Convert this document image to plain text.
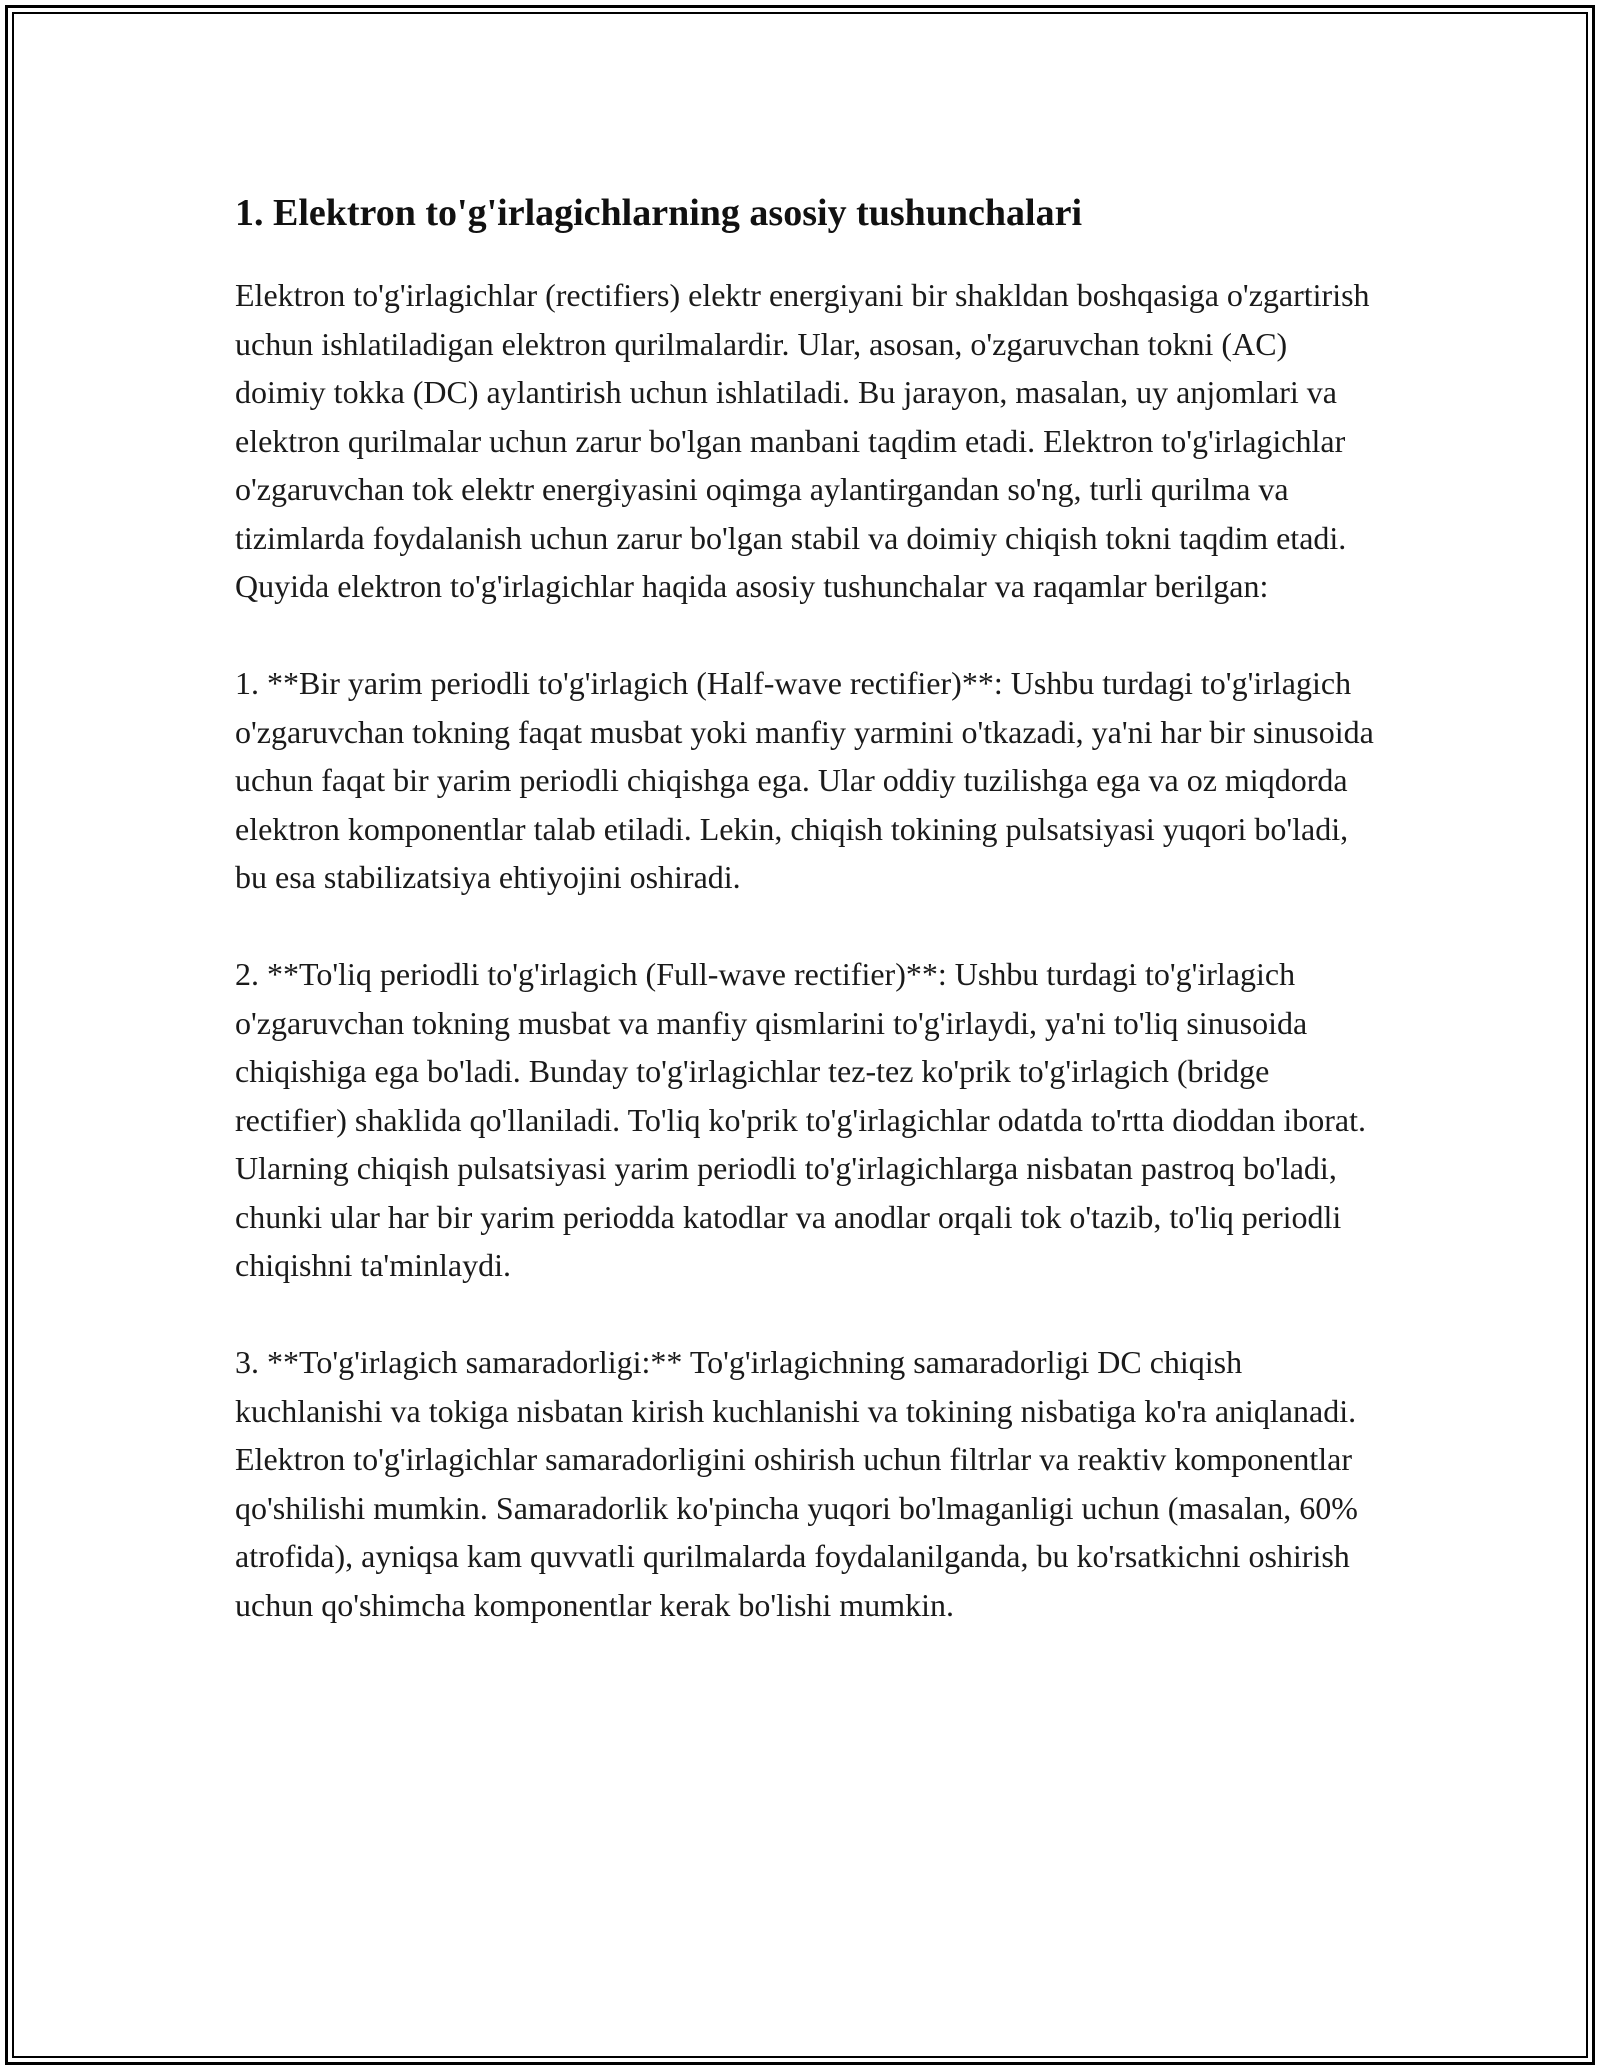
1. Elektron to'g'irlagichlarning asosiy tushunchalari

Elektron to'g'irlagichlar (rectifiers) elektr energiyani bir shakldan boshqasiga o'zgartirish uchun ishlatiladigan elektron qurilmalardir. Ular, asosan, o'zgaruvchan tokni (AC) doimiy tokka (DC) aylantirish uchun ishlatiladi. Bu jarayon, masalan, uy anjomlari va elektron qurilmalar uchun zarur bo'lgan manbani taqdim etadi. Elektron to'g'irlagichlar o'zgaruvchan tok elektr energiyasini oqimga aylantirgandan so'ng, turli qurilma va tizimlarda foydalanish uchun zarur bo'lgan stabil va doimiy chiqish tokni taqdim etadi. Quyida elektron to'g'irlagichlar haqida asosiy tushunchalar va raqamlar berilgan:

1. **Bir yarim periodli to'g'irlagich (Half-wave rectifier)**: Ushbu turdagi to'g'irlagich o'zgaruvchan tokning faqat musbat yoki manfiy yarmini o'tkazadi, ya'ni har bir sinusoida uchun faqat bir yarim periodli chiqishga ega. Ular oddiy tuzilishga ega va oz miqdorda elektron komponentlar talab etiladi. Lekin, chiqish tokining pulsatsiyasi yuqori bo'ladi, bu esa stabilizatsiya ehtiyojini oshiradi.

2. **To'liq periodli to'g'irlagich (Full-wave rectifier)**: Ushbu turdagi to'g'irlagich o'zgaruvchan tokning musbat va manfiy qismlarini to'g'irlaydi, ya'ni to'liq sinusoida chiqishiga ega bo'ladi. Bunday to'g'irlagichlar tez-tez ko'prik to'g'irlagich (bridge rectifier) shaklida qo'llaniladi. To'liq ko'prik to'g'irlagichlar odatda to'rtta dioddan iborat. Ularning chiqish pulsatsiyasi yarim periodli to'g'irlagichlarga nisbatan pastroq bo'ladi, chunki ular har bir yarim periodda katodlar va anodlar orqali tok o'tazib, to'liq periodli chiqishni ta'minlaydi.

3. **To'g'irlagich samaradorligi:** To'g'irlagichning samaradorligi DC chiqish kuchlanishi va tokiga nisbatan kirish kuchlanishi va tokining nisbatiga ko'ra aniqlanadi. Elektron to'g'irlagichlar samaradorligini oshirish uchun filtrlar va reaktiv komponentlar qo'shilishi mumkin. Samaradorlik ko'pincha yuqori bo'lmaganligi uchun (masalan, 60% atrofida), ayniqsa kam quvvatli qurilmalarda foydalanilganda, bu ko'rsatkichni oshirish uchun qo'shimcha komponentlar kerak bo'lishi mumkin.
